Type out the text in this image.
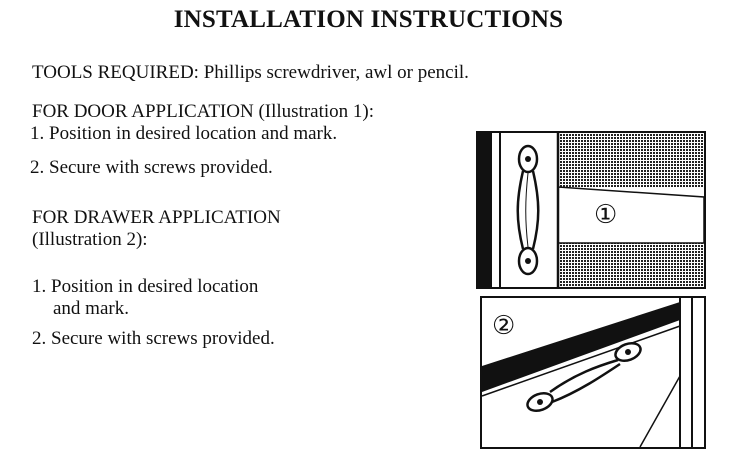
INSTALLATION INSTRUCTIONS
TOOLS REQUIRED: Phillips screwdriver, awl or pencil.
FOR DOOR APPLICATION (Illustration 1):
1. Position in desired location and mark.
2. Secure with screws provided.
FOR DRAWER APPLICATION
(Illustration 2):
1. Position in desired location
and mark.
2. Secure with screws provided.
①
②
